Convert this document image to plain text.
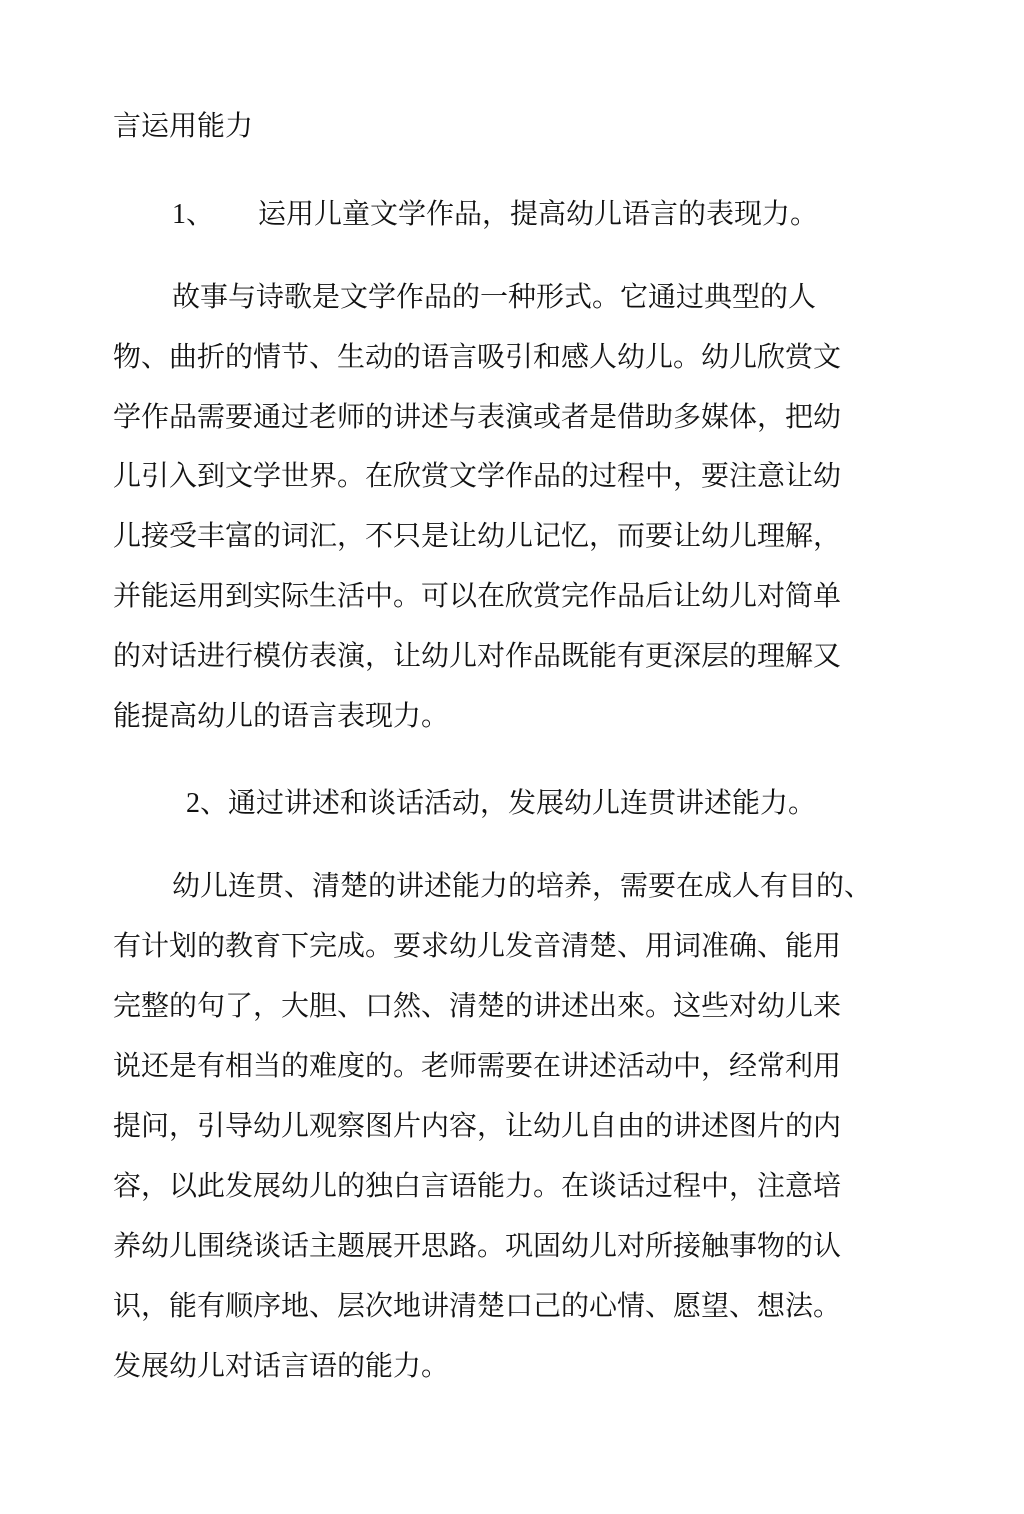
言运用能力
1、 运用儿童文学作品，提高幼儿语言的表现力。
故事与诗歌是文学作品的一种形式。它通过典型的人
物、曲折的情节、生动的语言吸引和感人幼儿。幼儿欣赏文
学作品需要通过老师的讲述与表演或者是借助多媒体，把幼
儿引入到文学世界。在欣赏文学作品的过程中，要注意让幼
儿接受丰富的词汇，不只是让幼儿记忆，而要让幼儿理解，
并能运用到实际生活中。可以在欣赏完作品后让幼儿对简单
的对话进行模仿表演，让幼儿对作品既能有更深层的理解又
能提高幼儿的语言表现力。
2、通过讲述和谈话活动，发展幼儿连贯讲述能力。
幼儿连贯、清楚的讲述能力的培养，需要在成人有目的、
有计划的教育下完成。要求幼儿发音清楚、用词准确、能用
完整的句了，大胆、口然、清楚的讲述出來。这些对幼儿来
说还是有相当的难度的。老师需要在讲述活动中，经常利用
提问，引导幼儿观察图片内容，让幼儿自由的讲述图片的内
容，以此发展幼儿的独白言语能力。在谈话过程中，注意培
养幼儿围绕谈话主题展开思路。巩固幼儿对所接触事物的认
识，能有顺序地、层次地讲清楚口己的心情、愿望、想法。
发展幼儿对话言语的能力。
